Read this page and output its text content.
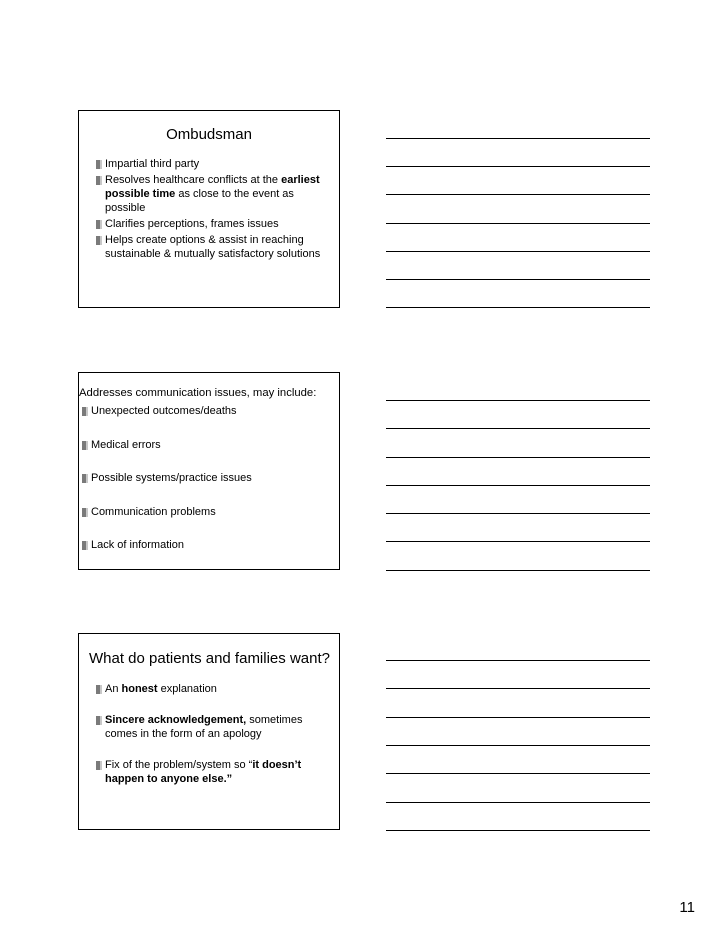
Ombudsman
Impartial third party
Resolves healthcare conflicts at the earliest possible time as close to the event as possible
Clarifies perceptions, frames issues
Helps create options & assist in reaching sustainable & mutually satisfactory solutions
Addresses communication issues, may include:
Unexpected outcomes/deaths
Medical errors
Possible systems/practice issues
Communication problems
Lack of information
What do patients and families want?
An honest explanation
Sincere acknowledgement, sometimes comes in the form of an apology
Fix of the problem/system so “it doesn’t happen to anyone else.”
11
